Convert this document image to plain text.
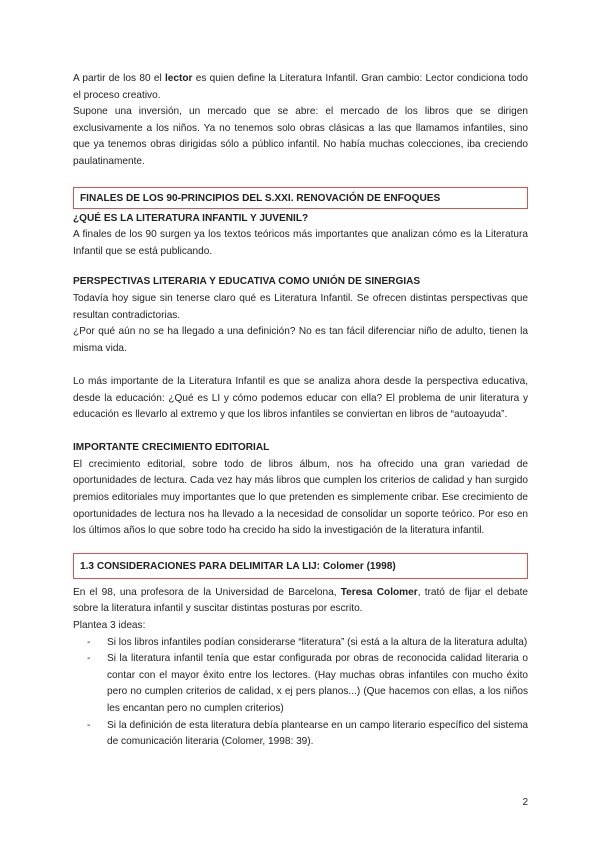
A partir de los 80 el lector es quien define la Literatura Infantil. Gran cambio: Lector condiciona todo el proceso creativo.

Supone una inversión, un mercado que se abre: el mercado de los libros que se dirigen exclusivamente a los niños. Ya no tenemos solo obras clásicas a las que llamamos infantiles, sino que ya tenemos obras dirigidas sólo a público infantil. No había muchas colecciones, iba creciendo paulatinamente.

FINALES DE LOS 90-PRINCIPIOS DEL S.XXI. RENOVACIÓN DE ENFOQUES
¿QUÉ ES LA LITERATURA INFANTIL Y JUVENIL?

A finales de los 90 surgen ya los textos teóricos más importantes que analizan cómo es la Literatura Infantil que se está publicando.

PERSPECTIVAS LITERARIA Y EDUCATIVA COMO UNIÓN DE SINERGIAS

Todavía hoy sigue sin tenerse claro qué es Literatura Infantil. Se ofrecen distintas perspectivas que resultan contradictorias.

¿Por qué aún no se ha llegado a una definición? No es tan fácil diferenciar niño de adulto, tienen la misma vida.

Lo más importante de la Literatura Infantil es que se analiza ahora desde la perspectiva educativa, desde la educación: ¿Qué es LI y cómo podemos educar con ella? El problema de unir literatura y educación es llevarlo al extremo y que los libros infantiles se conviertan en libros de “autoayuda”.

IMPORTANTE CRECIMIENTO EDITORIAL

El crecimiento editorial, sobre todo de libros álbum, nos ha ofrecido una gran variedad de oportunidades de lectura. Cada vez hay más libros que cumplen los criterios de calidad y han surgido premios editoriales muy importantes que lo que pretenden es simplemente cribar. Ese crecimiento de oportunidades de lectura nos ha llevado a la necesidad de consolidar un soporte teórico. Por eso en los últimos años lo que sobre todo ha crecido ha sido la investigación de la literatura infantil.

1.3 CONSIDERACIONES PARA DELIMITAR LA LIJ: Colomer (1998)

En el 98, una profesora de la Universidad de Barcelona, Teresa Colomer, trató de fijar el debate sobre la literatura infantil y suscitar distintas posturas por escrito.

Plantea 3 ideas:

- Si los libros infantiles podían considerarse “literatura” (si está a la altura de la literatura adulta)
- Si la literatura infantil tenía que estar configurada por obras de reconocida calidad literaria o contar con el mayor éxito entre los lectores. (Hay muchas obras infantiles con mucho éxito pero no cumplen criterios de calidad, x ej pers planos...) (Que hacemos con ellas, a los niños les encantan pero no cumplen criterios)
- Si la definición de esta literatura debía plantearse en un campo literario específico del sistema de comunicación literaria (Colomer, 1998: 39).
2
